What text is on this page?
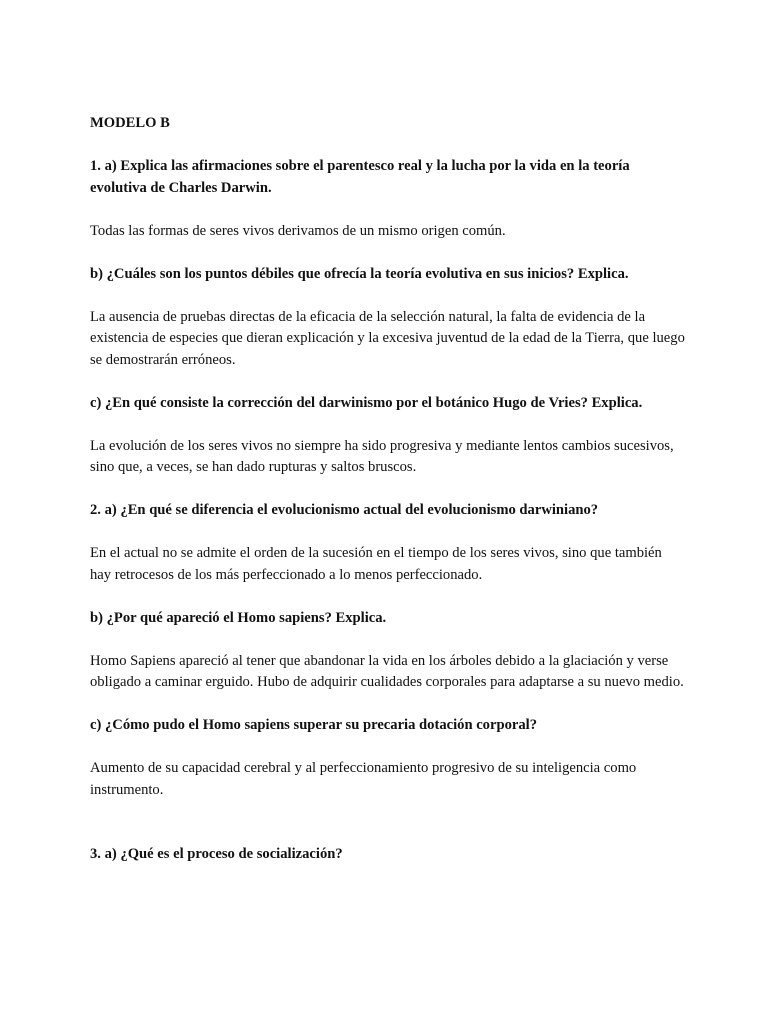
MODELO B

1. a) Explica las afirmaciones sobre el parentesco real y la lucha por la vida en la teoría evolutiva de Charles Darwin.

Todas las formas de seres vivos derivamos de un mismo origen común.

b) ¿Cuáles son los puntos débiles que ofrecía la teoría evolutiva en sus inicios? Explica.

La ausencia de pruebas directas de la eficacia de la selección natural, la falta de evidencia de la existencia de especies que dieran explicación y la excesiva juventud de la edad de la Tierra, que luego se demostrarán erróneos.

c) ¿En qué consiste la corrección del darwinismo por el botánico Hugo de Vries? Explica.

La evolución de los seres vivos no siempre ha sido progresiva y mediante lentos cambios sucesivos, sino que, a veces, se han dado rupturas y saltos bruscos.

2. a) ¿En qué se diferencia el evolucionismo actual del evolucionismo darwiniano?

En el actual no se admite el orden de la sucesión en el tiempo de los seres vivos, sino que también hay retrocesos de los más perfeccionado a lo menos perfeccionado.

b) ¿Por qué apareció el Homo sapiens? Explica.

Homo Sapiens apareció al tener que abandonar la vida en los árboles debido a la glaciación y verse obligado a caminar erguido. Hubo de adquirir cualidades corporales para adaptarse a su nuevo medio.

c) ¿Cómo pudo el Homo sapiens superar su precaria dotación corporal?

Aumento de su capacidad cerebral y al perfeccionamiento progresivo de su inteligencia como instrumento.

3. a) ¿Qué es el proceso de socialización?
